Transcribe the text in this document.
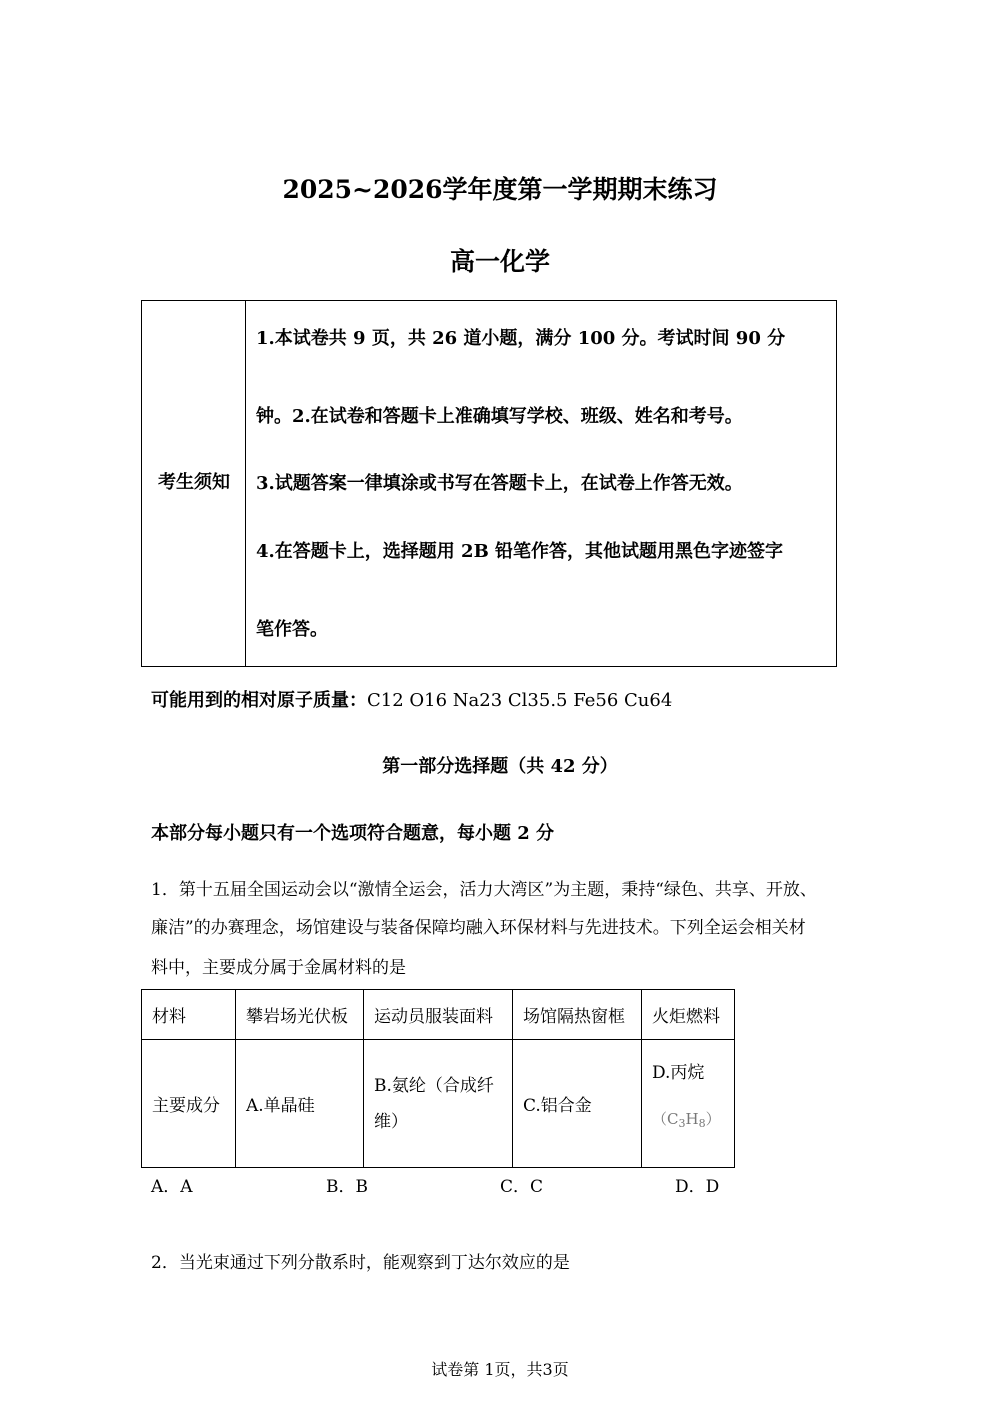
2025~2026学年度第一学期期末练习
高一化学
考生须知
1.本试卷共 9 页，共 26 道小题，满分 100 分。考试时间 90 分
钟。2.在试卷和答题卡上准确填写学校、班级、姓名和考号。
3.试题答案一律填涂或书写在答题卡上，在试卷上作答无效。
4.在答题卡上，选择题用 2B 铅笔作答，其他试题用黑色字迹签字
笔作答。
可能用到的相对原子质量：C12 O16 Na23 Cl35.5 Fe56 Cu64
第一部分选择题（共 42 分）
本部分每小题只有一个选项符合题意，每小题 2 分
1．第十五届全国运动会以“激情全运会，活力大湾区”为主题，秉持“绿色、共享、开放、
廉洁”的办赛理念，场馆建设与装备保障均融入环保材料与先进技术。下列全运会相关材
料中，主要成分属于金属材料的是
材料	攀岩场光伏板	运动员服装面料	场馆隔热窗框	火炬燃料
主要成分	A.单晶硅	B.氨纶（合成纤
维）	C.铝合金	D.丙烷
$(C_3H_8)$
A．A	B．B	C．C	D．D
2．当光束通过下列分散系时，能观察到丁达尔效应的是
试卷第 1页，共3页
